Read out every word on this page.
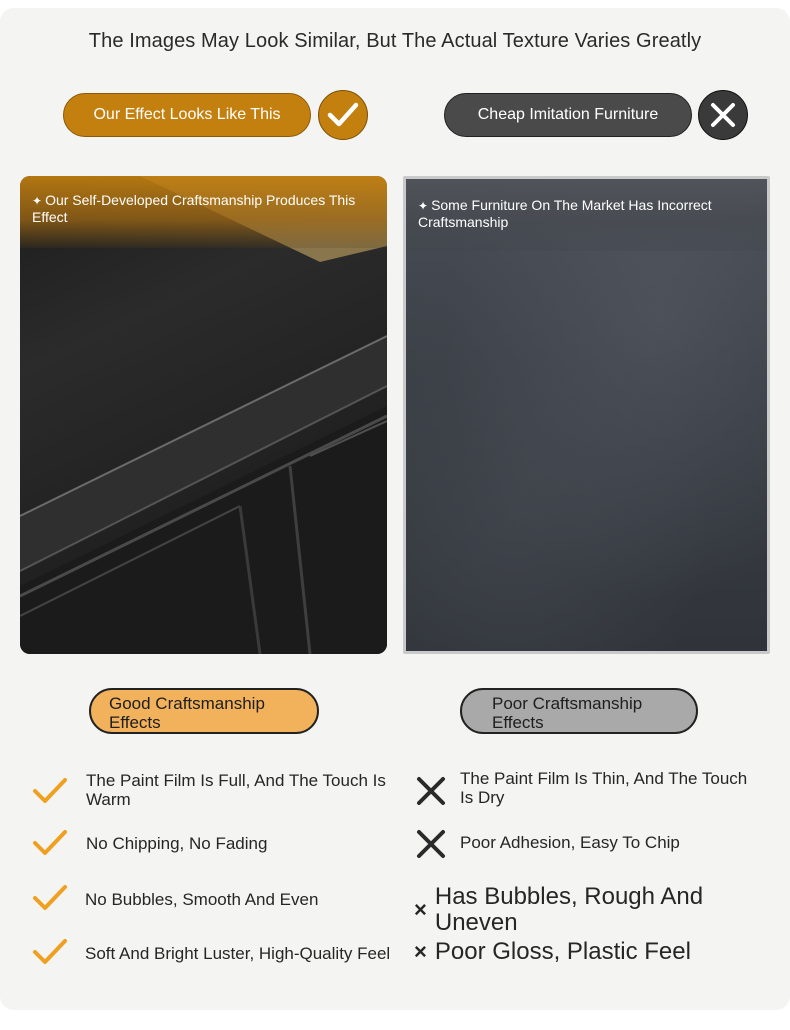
The Images May Look Similar, But The Actual Texture Varies Greatly
Our Effect Looks Like This	Cheap Imitation Furniture
✦ Our Self-Developed Craftsmanship Produces This Effect
✦ Some Furniture On The Market Has Incorrect Craftsmanship
Good Craftsmanship Effects
Poor Craftsmanship Effects
The Paint Film Is Full, And The Touch Is Warm
No Chipping, No Fading
No Bubbles, Smooth And Even
Soft And Bright Luster, High-Quality Feel
The Paint Film Is Thin, And The Touch Is Dry
Poor Adhesion, Easy To Chip
× Has Bubbles, Rough And Uneven
× Poor Gloss, Plastic Feel
